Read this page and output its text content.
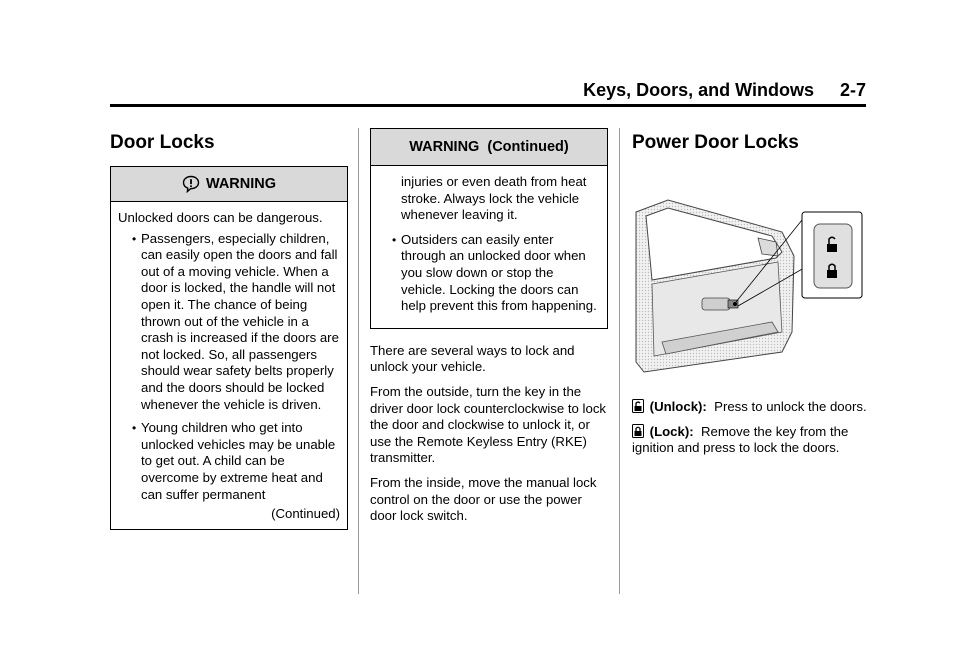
Keys, Doors, and Windows 2-7
Door Locks
WARNING

Unlocked doors can be dangerous.

• Passengers, especially children, can easily open the doors and fall out of a moving vehicle. When a door is locked, the handle will not open it. The chance of being thrown out of the vehicle in a crash is increased if the doors are not locked. So, all passengers should wear safety belts properly and the doors should be locked whenever the vehicle is driven.
• Young children who get into unlocked vehicles may be unable to get out. A child can be overcome by extreme heat and can suffer permanent
(Continued)
WARNING  (Continued)

injuries or even death from heat stroke. Always lock the vehicle whenever leaving it.

• Outsiders can easily enter through an unlocked door when you slow down or stop the vehicle. Locking the doors can help prevent this from happening.

There are several ways to lock and unlock your vehicle.

From the outside, turn the key in the driver door lock counterclockwise to lock the door and clockwise to unlock it, or use the Remote Keyless Entry (RKE) transmitter.

From the inside, move the manual lock control on the door or use the power door lock switch.

Power Door Locks

(Unlock): Press to unlock the doors.

(Lock): Remove the key from the ignition and press to lock the doors.
